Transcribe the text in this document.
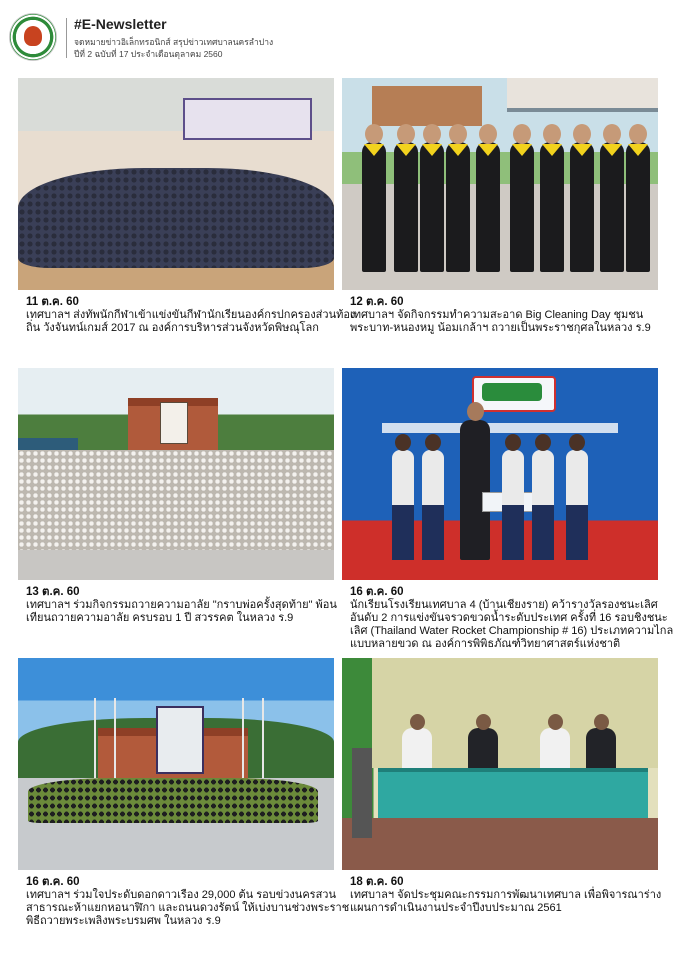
#E-Newsletter
จดหมายข่าวอิเล็กทรอนิกส์ สรุปข่าวเทศบาลนครลำปาง
ปีที่ 2 ฉบับที่ 17 ประจำเดือนตุลาคม 2560
11 ต.ค. 60
เทศบาลฯ ส่งทัพนักกีฬาเข้าแข่งขันกีฬานักเรียนองค์กรปกครองส่วนท้องถิ่น วังจันทน์เกมส์ 2017 ณ องค์การบริหารส่วนจังหวัดพิษณุโลก
12 ต.ค. 60
เทศบาลฯ จัดกิจกรรมทำความสะอาด Big Cleaning Day ชุมชนพระบาท-หนองหมู น้อมเกล้าฯ ถวายเป็นพระราชกุศลในหลวง ร.9
13 ต.ค. 60
เทศบาลฯ ร่วมกิจกรรมถวายความอาลัย "กราบพ่อครั้งสุดท้าย" พ้อนเทียนถวายความอาลัย ครบรอบ 1 ปี สวรรคต ในหลวง ร.9
16 ต.ค. 60
นักเรียนโรงเรียนเทศบาล 4 (บ้านเชียงราย) คว้ารางวัลรองชนะเลิศอันดับ 2 การแข่งขันจรวดขวดน้ำระดับประเทศ ครั้งที่ 16 รอบชิงชนะเลิศ (Thailand Water Rocket Championship # 16) ประเภทความไกลแบบหลายขวด ณ องค์การพิพิธภัณฑ์วิทยาศาสตร์แห่งชาติ
16 ต.ค. 60
เทศบาลฯ ร่วมใจประดับดอกดาวเรือง 29,000 ต้น รอบข่วงนครสวนสาธารณะห้าแยกหอนาฬิกา และถนนดวงรัตน์ ให้เบ่งบานช่วงพระราชพิธีถวายพระเพลิงพระบรมศพ ในหลวง ร.9
18 ต.ค. 60
เทศบาลฯ จัดประชุมคณะกรรมการพัฒนาเทศบาล เพื่อพิจารณาร่างแผนการดำเนินงานประจำปีงบประมาณ 2561
